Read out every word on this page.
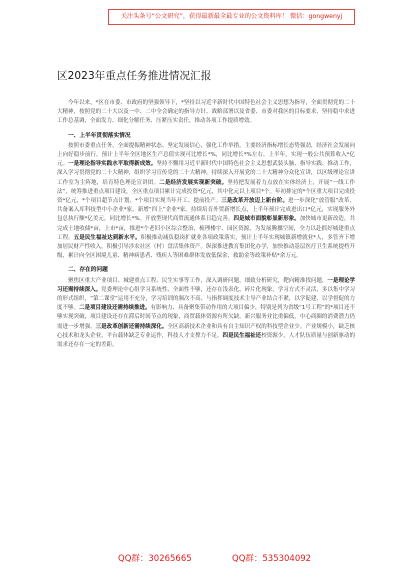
关注头条号“公文研究”，获得最新最全最专业的公文资料库！ 微信：gongwenyj
区2023年重点任务推进情况汇报

今年以来，*区在市委、市政府的坚强领导下，*坚持以习近平新时代中国特色社会主义思想为指导，全面贯彻党的二十大精神，按照党的二十大以及一中、二中全会确定的指导方针、战略部署以及省委、市委对我区的目标要求，坚持稳中求进工作总基调，全面发力、细化分解任务、压紧压实责任，推动各项工作提质增效。

一、上半年贯彻落实情况

按照市委重点任务，全面提振精神状态、坚定发展信心，强化工作举措，主要经济指标增长态势强劲，经济社会发展向上向好稳步前行。预计上半年全区地区生产总值实现可比增长*%，同比增长*%左右。上半年，实现一般公共预算收入*亿元。一是理论指导实践水平取得新成效。坚持不懈用习近平新时代中国特色社会主义思想武装头脑、指导实践、推动工作，深入学习贯彻党的二十大精神，组织学习宣传党的二十大精神，持续深入开展党的二十大精神分众化宣讲，以区级理论宣讲工作室为主阵地，培育特色理论宣讲团。二是经济发展实现新突破。坚持把发展着力点放在实体经济上，开展“一线工作法”，统筹推进重点项目建设，全区重点项目累计完成投资*亿元，其中化元以上项目*个。年初排定的*个区重大项目完成投资*亿元，*个项目超节点计划，*个项目实现当年开工、提前投产。三是改革开放迈上新台阶。进一步深化“放管服”改革，共备案入库科技型中小企业*家，新增“四上”企业*家。持续培育外贸新增长点，上半年预计完成进出口*亿元，实现服务外包总执行额*亿美元，同比增长*%。开放型现代商贸流通体系日趋完善。四是城市面貌彰显新形象。加快城市更新改造，共完成土地收储*亩，上市*亩，推进*个老旧小区综合整治，梳理楼宇、园区资源，为发展腾挪空间，全力以赴抓好城建重点工程。五是民生福祉达到新水平。积极推动减负稳岗扩就业各项政策落实，预计上半年实现城镇新增就业*人，多管齐下增加居民财产性收入，积极引导涉农社区（村）盘活集体资产。纵深推进教育集团化办学，加快推动基层医疗卫生系统提档升级，累计向全区困境儿童、精神病患者、残疾人等困难群体发放低保金、救助金等政策补贴*余万元。

二、存在的问题

聚焦区重大产业项目、城建重点工程、民生实事等工作，深入调研问题，细致分析研究，靶向精准找问题，一是理论学习还需持续深入。党委理论中心组学习系统性、全面性不够，还存在浅表化、碎片化现象，学习方式不灵活，多以集中学习的形式组织，“第二课堂”运用不充分，学习培训的频次不高、与指挥调度技术主导产业结合不紧，以学促建、以学督促的力度不够。二是项目建设还需持续推进。有影响力、具备聚集带动作用的大项目偏少，特别是列为省级“1号工程”的*项目还不够实现突破，项目建设还存在滞后时间节点的现象，商贸载体资源有所欠缺，新兴服务业比重偏低，中心商圈的消费潜力仍需进一步增强。三是改革创新还需持续深化。全区高新技术企业和具有自主知识产权的科技型企业少。产业规模小，缺乏核心技术和龙头企业，平台载体缺乏专业运作，科技人才支撑力不足。四是民生福祉还校资源少，人才队伍质量与创新驱动的需求还存在一定的差距。

QQ群：30265665	QQ群：535304092
